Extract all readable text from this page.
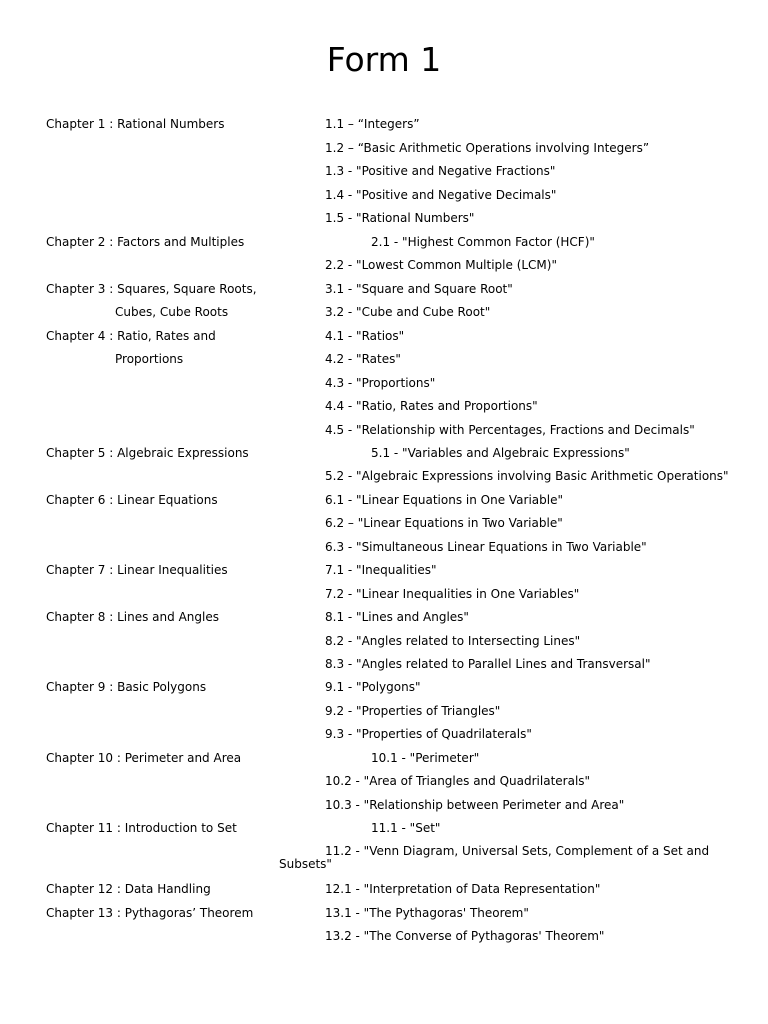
Form 1
Chapter 1 : Rational Numbers
Chapter 2 : Factors and Multiples
Chapter 3 : Squares, Square Roots,
Cubes, Cube Roots
Chapter 4 : Ratio, Rates and
Proportions
Chapter 5 : Algebraic Expressions
Chapter 6 : Linear Equations
Chapter 7 : Linear Inequalities
Chapter 8 : Lines and Angles
Chapter 9 : Basic Polygons
Chapter 10 : Perimeter and Area
Chapter 11 : Introduction to Set
Chapter 12 : Data Handling
Chapter 13 : Pythagoras’ Theorem
1.1 – “Integers”
1.2 – “Basic Arithmetic Operations involving Integers”
1.3 - "Positive and Negative Fractions"
1.4 - "Positive and Negative Decimals"
1.5 - "Rational Numbers"
2.1 - "Highest Common Factor (HCF)"
2.2 - "Lowest Common Multiple (LCM)"
3.1 - "Square and Square Root"
3.2 - "Cube and Cube Root"
4.1 - "Ratios"
4.2 - "Rates"
4.3 - "Proportions"
4.4 - "Ratio, Rates and Proportions"
4.5 - "Relationship with Percentages, Fractions and Decimals"
5.1 - "Variables and Algebraic Expressions"
5.2 - "Algebraic Expressions involving Basic Arithmetic Operations"
6.1 - "Linear Equations in One Variable"
6.2 – "Linear Equations in Two Variable"
6.3 - "Simultaneous Linear Equations in Two Variable"
7.1 - "Inequalities"
7.2 - "Linear Inequalities in One Variables"
8.1 - "Lines and Angles"
8.2 - "Angles related to Intersecting Lines"
8.3 - "Angles related to Parallel Lines and Transversal"
9.1 - "Polygons"
9.2 - "Properties of Triangles"
9.3 - "Properties of Quadrilaterals"
10.1 - "Perimeter"
10.2 - "Area of Triangles and Quadrilaterals"
10.3 - "Relationship between Perimeter and Area"
11.1 - "Set"
11.2 - "Venn Diagram, Universal Sets, Complement of a Set and Subsets"
12.1 - "Interpretation of Data Representation"
13.1 - "The Pythagoras' Theorem"
13.2 - "The Converse of Pythagoras' Theorem"
